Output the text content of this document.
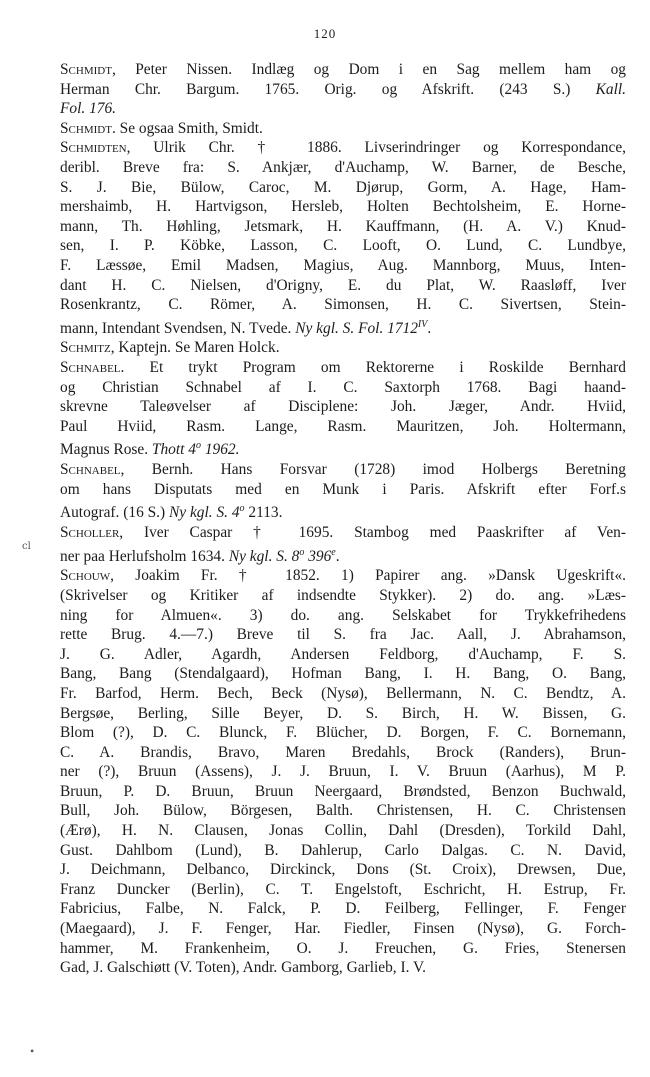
120
ⅽⅼ
•

Schmidt, Peter Nissen. Indlæg og Dom i en Sag mellem ham og
Herman Chr. Bargum. 1765. Orig. og Afskrift. (243 S.) Kall.
Fol. 176.

Schmidt. Se ogsaa Smith, Smidt.

Schmidten, Ulrik Chr. † 1886. Livserindringer og Korrespondance,
deribl. Breve fra: S. Ankjær, d'Auchamp, W. Barner, de Besche,
S. J. Bie, Bülow, Caroc, M. Djørup, Gorm, A. Hage, Ham-
mershaimb, H. Hartvigson, Hersleb, Holten Bechtolsheim, E. Horne-
mann, Th. Høhling, Jetsmark, H. Kauffmann, (H. A. V.) Knud-
sen, I. P. Köbke, Lasson, C. Looft, O. Lund, C. Lundbye,
F. Læssøe, Emil Madsen, Magius, Aug. Mannborg, Muus, Inten-
dant H. C. Nielsen, d'Origny, E. du Plat, W. Raasløff, Iver
Rosenkrantz, C. Römer, A. Simonsen, H. C. Sivertsen, Stein-
mann, Intendant Svendsen, N. Tvede. Ny kgl. S. Fol. $1712^{IV}$.

Schmitz, Kaptejn. Se Maren Holck.

Schnabel. Et trykt Program om Rektorerne i Roskilde Bernhard
og Christian Schnabel af I. C. Saxtorph 1768. Bagi haand-
skrevne Taleøvelser af Disciplene: Joh. Jæger, Andr. Hviid,
Paul Hviid, Rasm. Lange, Rasm. Mauritzen, Joh. Holtermann,
Magnus Rose. Thott 4$^o$ 1962.

Schnabel, Bernh. Hans Forsvar (1728) imod Holbergs Beretning
om hans Disputats med en Munk i Paris. Afskrift efter Forf.s
Autograf. (16 S.) Ny kgl. S. 4$^o$ 2113.

Scholler, Iver Caspar † 1695. Stambog med Paaskrifter af Ven-
ner paa Herlufsholm 1634. Ny kgl. S. 8$^o$ 396e.

Schouw, Joakim Fr. † 1852. 1) Papirer ang. »Dansk Ugeskrift«.
(Skrivelser og Kritiker af indsendte Stykker). 2) do. ang. »Læs-
ning for Almuen«. 3) do. ang. Selskabet for Trykkefrihedens
rette Brug. 4.—7.) Breve til S. fra Jac. Aall, J. Abrahamson,
J. G. Adler, Agardh, Andersen Feldborg, d'Auchamp, F. S.
Bang, Bang (Stendalgaard), Hofman Bang, I. H. Bang, O. Bang,
Fr. Barfod, Herm. Bech, Beck (Nysø), Bellermann, N. C. Bendtz, A.
Bergsøe, Berling, Sille Beyer, D. S. Birch, H. W. Bissen, G.
Blom (?), D. C. Blunck, F. Blücher, D. Borgen, F. C. Bornemann,
C. A. Brandis, Bravo, Maren Bredahls, Brock (Randers), Brun-
ner (?), Bruun (Assens), J. J. Bruun, I. V. Bruun (Aarhus), M P.
Bruun, P. D. Bruun, Bruun Neergaard, Brøndsted, Benzon Buchwald,
Bull, Joh. Bülow, Börgesen, Balth. Christensen, H. C. Christensen
(Ærø), H. N. Clausen, Jonas Collin, Dahl (Dresden), Torkild Dahl,
Gust. Dahlbom (Lund), B. Dahlerup, Carlo Dalgas. C. N. David,
J. Deichmann, Delbanco, Dirckinck, Dons (St. Croix), Drewsen, Due,
Franz Duncker (Berlin), C. T. Engelstoft, Eschricht, H. Estrup, Fr.
Fabricius, Falbe, N. Falck, P. D. Feilberg, Fellinger, F. Fenger
(Maegaard), J. F. Fenger, Har. Fiedler, Finsen (Nysø), G. Forch-
hammer, M. Frankenheim, O. J. Freuchen, G. Fries, Stenersen
Gad, J. Galschiøtt (V. Toten), Andr. Gamborg, Garlieb, I. V.
